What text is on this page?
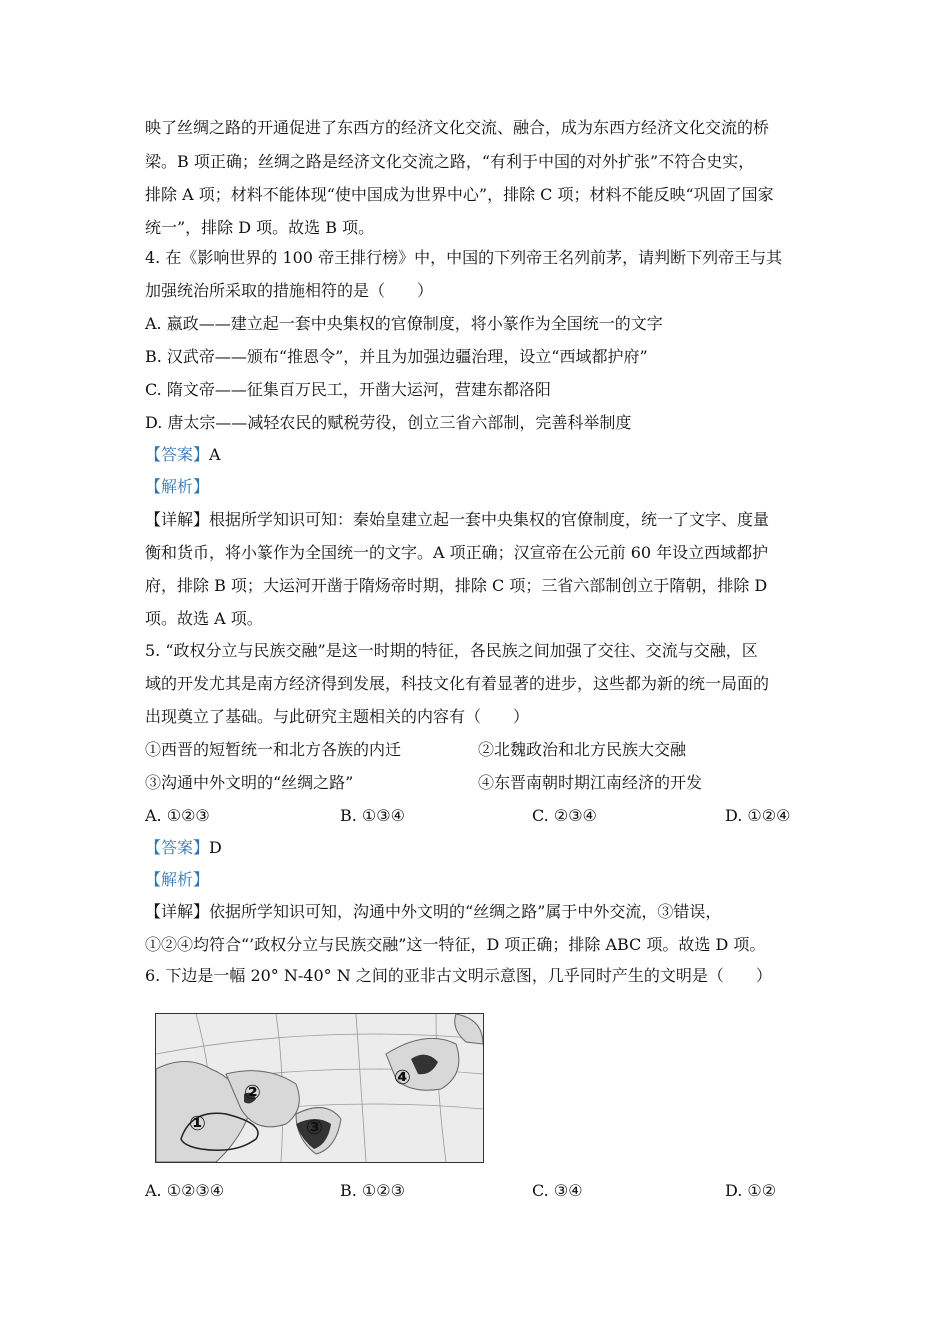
映了丝绸之路的开通促进了东西方的经济文化交流、融合，成为东西方经济文化交流的桥
梁。B 项正确；丝绸之路是经济文化交流之路，“有利于中国的对外扩张”不符合史实，
排除 A 项；材料不能体现“使中国成为世界中心”，排除 C 项；材料不能反映“巩固了国家
统一”，排除 D 项。故选 B 项。
4. 在《影响世界的 100 帝王排行榜》中，中国的下列帝王名列前茅，请判断下列帝王与其
加强统治所采取的措施相符的是（　　）
A. 嬴政——建立起一套中央集权的官僚制度，将小篆作为全国统一的文字
B. 汉武帝——颁布“推恩令”，并且为加强边疆治理，设立“西域都护府”
C. 隋文帝——征集百万民工，开凿大运河，营建东都洛阳
D. 唐太宗——减轻农民的赋税劳役，创立三省六部制，完善科举制度
【答案】A
【解析】
【详解】根据所学知识可知：秦始皇建立起一套中央集权的官僚制度，统一了文字、度量
衡和货币，将小篆作为全国统一的文字。A 项正确；汉宣帝在公元前 60 年设立西域都护
府，排除 B 项；大运河开凿于隋炀帝时期，排除 C 项；三省六部制创立于隋朝，排除 D
项。故选 A 项。
5. “政权分立与民族交融”是这一时期的特征，各民族之间加强了交往、交流与交融，区
域的开发尤其是南方经济得到发展，科技文化有着显著的进步，这些都为新的统一局面的
出现奠立了基础。与此研究主题相关的内容有（　　）
①西晋的短暂统一和北方各族的内迁	②北魏政治和北方民族大交融
③沟通中外文明的“丝绸之路”	④东晋南朝时期江南经济的开发
A. ①②③	B. ①③④	C. ②③④	D. ①②④
【答案】D
【解析】
【详解】依据所学知识可知，沟通中外文明的“丝绸之路”属于中外交流，③错误，
①②④均符合“’政权分立与民族交融”这一特征，D 项正确；排除 ABC 项。故选 D 项。
6. 下边是一幅 20° N-40° N 之间的亚非古文明示意图，几乎同时产生的文明是（　　）
①
②
③
④
A. ①②③④	B. ①②③	C. ③④	D. ①②
